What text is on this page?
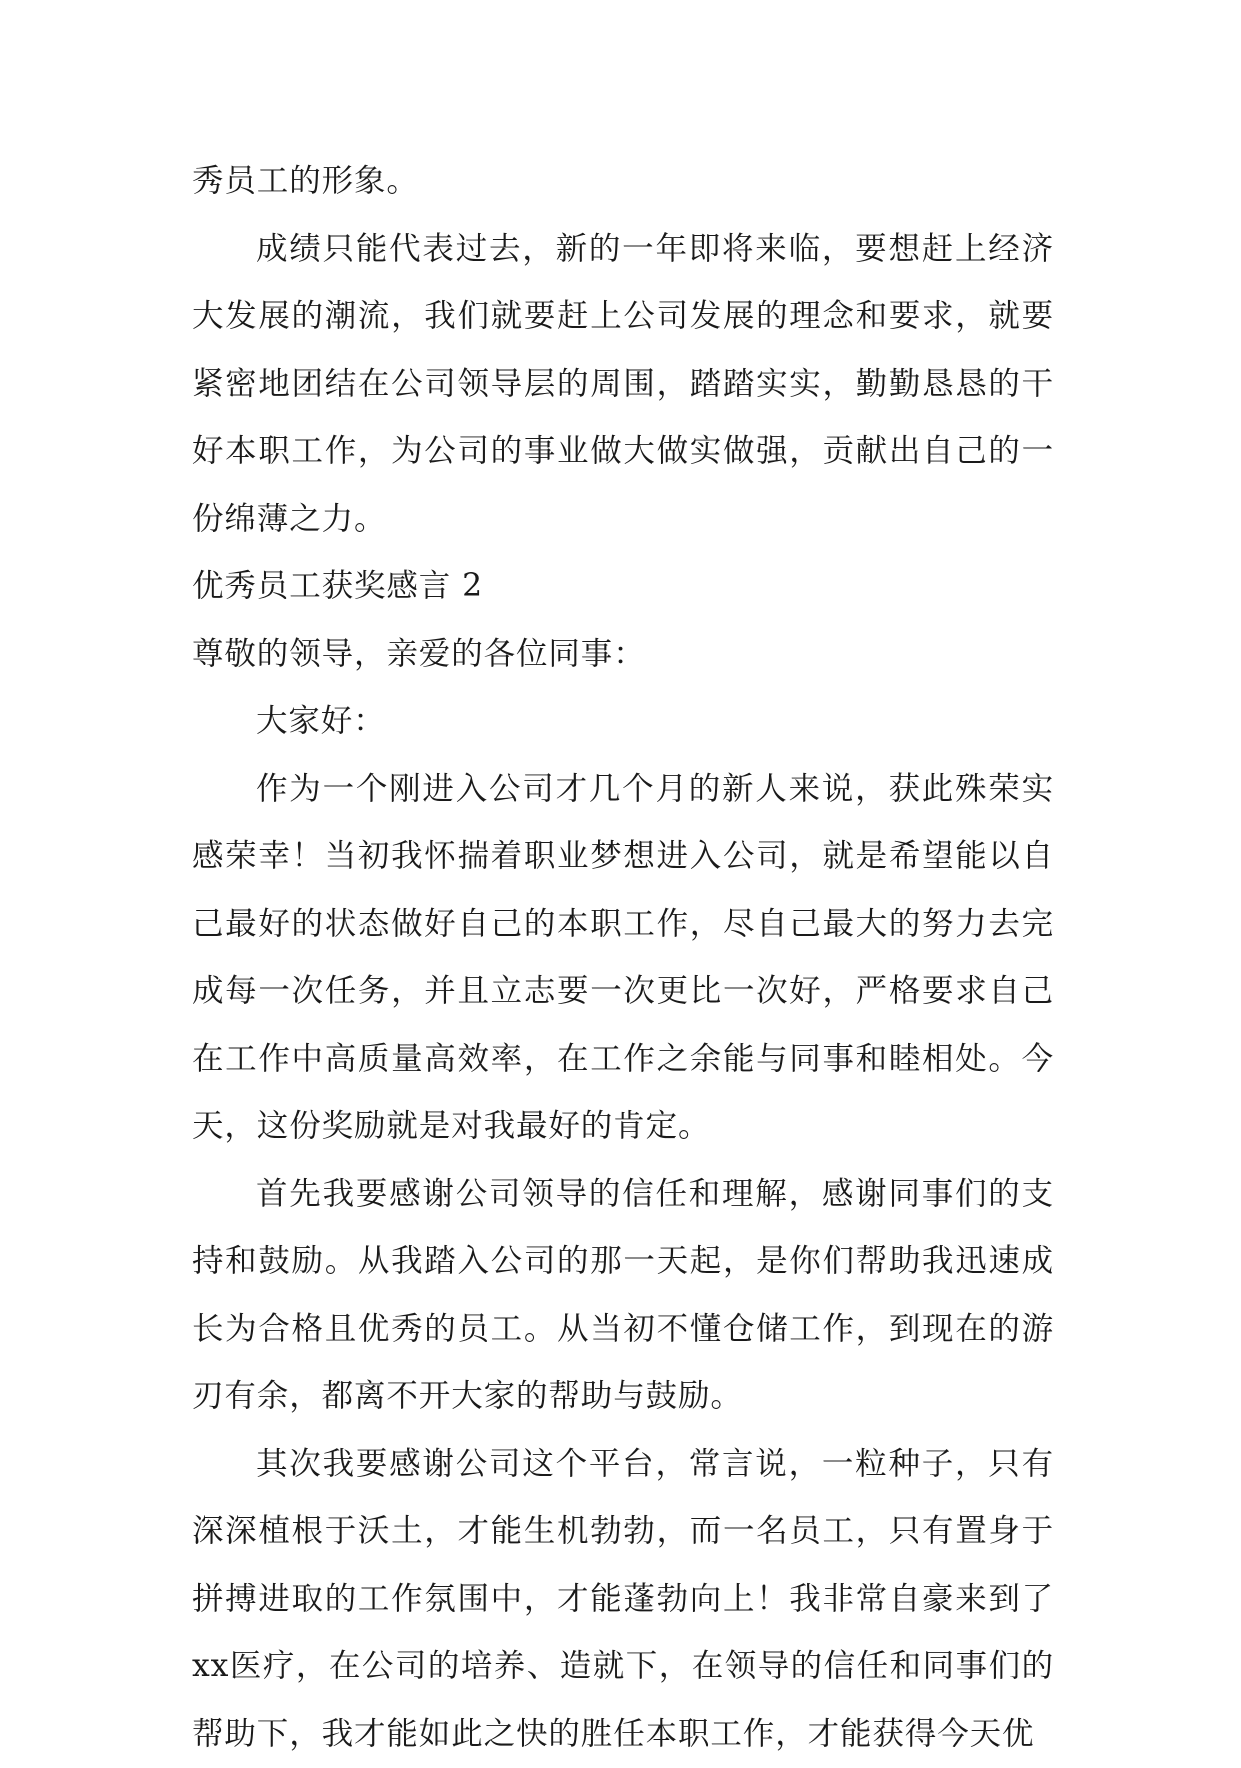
秀员工的形象。

成绩只能代表过去，新的一年即将来临，要想赶上经济大发展的潮流，我们就要赶上公司发展的理念和要求，就要紧密地团结在公司领导层的周围，踏踏实实，勤勤恳恳的干好本职工作，为公司的事业做大做实做强，贡献出自己的一份绵薄之力。

优秀员工获奖感言 2

尊敬的领导，亲爱的各位同事：

大家好：

作为一个刚进入公司才几个月的新人来说，获此殊荣实感荣幸！当初我怀揣着职业梦想进入公司，就是希望能以自己最好的状态做好自己的本职工作，尽自己最大的努力去完成每一次任务，并且立志要一次更比一次好，严格要求自己在工作中高质量高效率，在工作之余能与同事和睦相处。今天，这份奖励就是对我最好的肯定。

首先我要感谢公司领导的信任和理解，感谢同事们的支持和鼓励。从我踏入公司的那一天起，是你们帮助我迅速成长为合格且优秀的员工。从当初不懂仓储工作，到现在的游刃有余，都离不开大家的帮助与鼓励。

其次我要感谢公司这个平台，常言说，一粒种子，只有深深植根于沃土，才能生机勃勃，而一名员工，只有置身于拼搏进取的工作氛围中，才能蓬勃向上！我非常自豪来到了xx医疗，在公司的培养、造就下，在领导的信任和同事们的帮助下，我才能如此之快的胜任本职工作，才能获得今天优
